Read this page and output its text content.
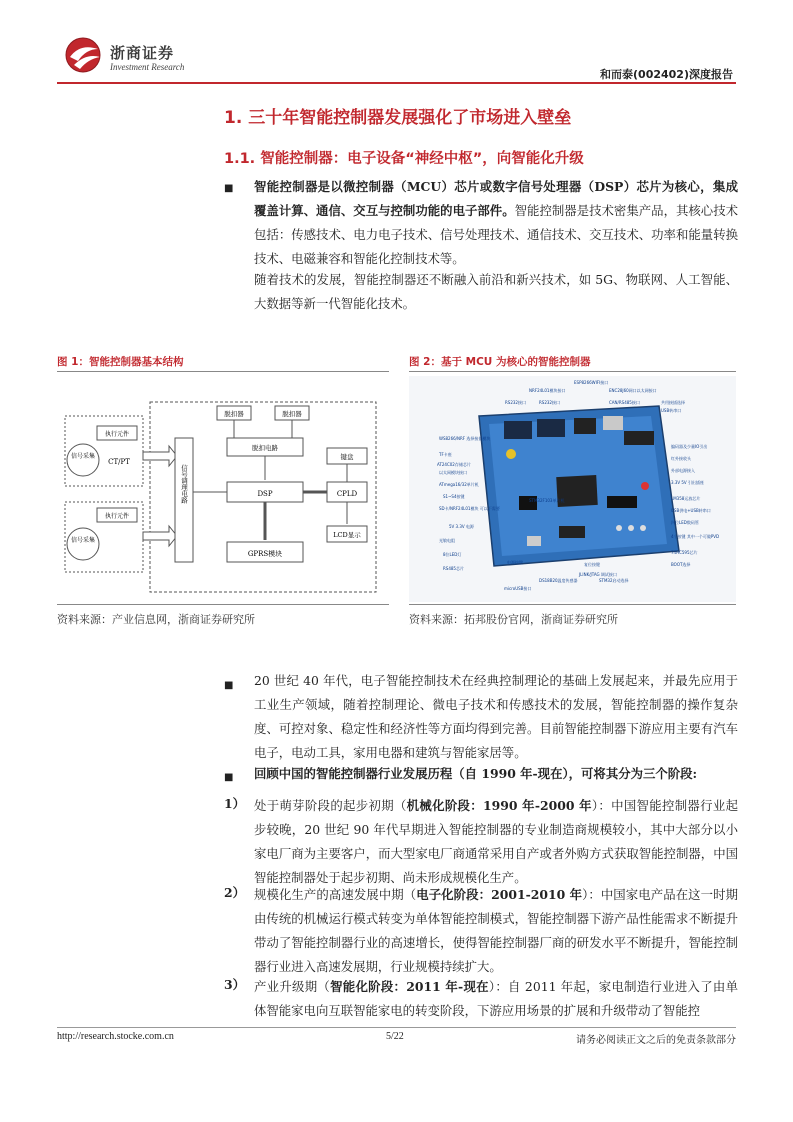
浙商证券
Investment Research
和而泰(002402)深度报告
1. 三十年智能控制器发展强化了市场进入壁垒
1.1. 智能控制器：电子设备“神经中枢”，向智能化升级
■
智能控制器是以微控制器（MCU）芯片或数字信号处理器（DSP）芯片为核心，集成覆盖计算、通信、交互与控制功能的电子部件。智能控制器是技术密集产品，其核心技术包括：传感技术、电力电子技术、信号处理技术、通信技术、交互技术、功率和能量转换技术、电磁兼容和智能化控制技术等。
随着技术的发展，智能控制器还不断融入前沿和新兴技术，如 5G、物联网、人工智能、大数据等新一代智能化技术。
图 1：智能控制器基本结构
执行元件
信号采集
CT/PT
执行元件
信号采集
信号调理电路
脱扣器	脱扣器
脱扣电路
DSP
键盘
CPLD
LCD显示
GPRS模块
资料来源：产业信息网，浙商证券研究所
图 2：基于 MCU 为核心的智能控制器
ESP8266WIFI接口
NRF24L01模块接口	ENC28J60网口以太网接口
RS232接口	RS232接口	CAN/RS485接口	共用接插选择
USB转串口
WS8266/NRF 选择接插模块
TF卡座
AT24C02存储芯片
以太网模块接口
编码器及少量IO引出
红外接收头
外部电源接入
3.3V 5V 引出插座
ATmega16/32单片机
S1~S4按键
SD卡/NRF24L01模块 可以不需要
STM32F103单片机	LM358运放芯片
USB供电+USB转串口
四位LED数码管
复位按键
4个按键 其中一个可做PVD
74HC595芯片
5V 3.3V 电源
JLINK/JTAG 调试接口
microUSB接口
DS18B20温度传感器
电源按键
STM32启动选择
光敏电阻
8位LED灯
BOOT选择
RS485芯片
资料来源：拓邦股份官网，浙商证券研究所
■
20 世纪 40 年代，电子智能控制技术在经典控制理论的基础上发展起来，并最先应用于工业生产领域，随着控制理论、微电子技术和传感技术的发展，智能控制器的操作复杂度、可控对象、稳定性和经济性等方面均得到完善。目前智能控制器下游应用主要有汽车电子，电动工具，家用电器和建筑与智能家居等。
■
回顾中国的智能控制器行业发展历程（自 1990 年-现在），可将其分为三个阶段:
1） 处于萌芽阶段的起步初期（机械化阶段：1990 年-2000 年）：中国智能控制器行业起步较晚，20 世纪 90 年代早期进入智能控制器的专业制造商规模较小，其中大部分以小家电厂商为主要客户，而大型家电厂商通常采用自产或者外购方式获取智能控制器，中国智能控制器处于起步初期、尚未形成规模化生产。
2） 规模化生产的高速发展中期（电子化阶段：2001-2010 年）：中国家电产品在这一时期由传统的机械运行模式转变为单体智能控制模式，智能控制器下游产品性能需求不断提升带动了智能控制器行业的高速增长，使得智能控制器厂商的研发水平不断提升，智能控制器行业进入高速发展期，行业规模持续扩大。
3） 产业升级期（智能化阶段：2011 年-现在）：自 2011 年起，家电制造行业进入了由单体智能家电向互联智能家电的转变阶段，下游应用场景的扩展和升级带动了智能控
http://research.stocke.com.cn	5/22	请务必阅读正文之后的免责条款部分
